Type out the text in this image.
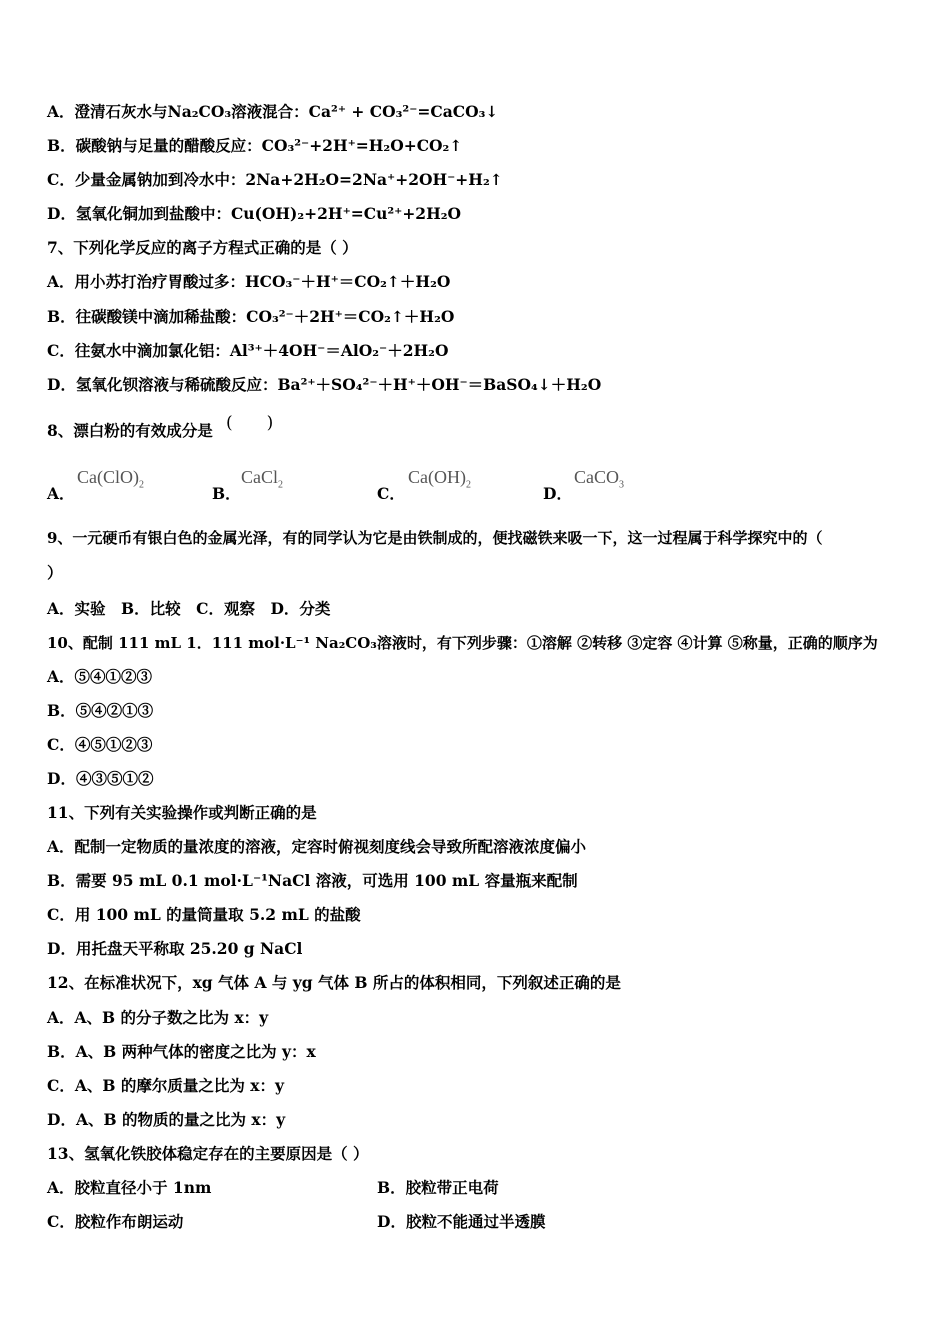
A．澄清石灰水与Na₂CO₃溶液混合：Ca²⁺ + CO₃²⁻=CaCO₃↓
B．碳酸钠与足量的醋酸反应：CO₃²⁻+2H⁺=H₂O+CO₂↑
C．少量金属钠加到冷水中：2Na+2H₂O=2Na⁺+2OH⁻+H₂↑
D．氢氧化铜加到盐酸中：Cu(OH)₂+2H⁺=Cu²⁺+2H₂O
7、下列化学反应的离子方程式正确的是（ ）
A．用小苏打治疗胃酸过多：HCO₃⁻＋H⁺＝CO₂↑＋H₂O
B．往碳酸镁中滴加稀盐酸：CO₃²⁻＋2H⁺＝CO₂↑＋H₂O
C．往氨水中滴加氯化铝：Al³⁺＋4OH⁻＝AlO₂⁻＋2H₂O
D．氢氧化钡溶液与稀硫酸反应：Ba²⁺＋SO₄²⁻＋H⁺＋OH⁻＝BaSO₄↓＋H₂O
8、漂白粉的有效成分是 (　　)
A．
$Ca(ClO)_2$	B．
CaCl$_2$	C．
$Ca(OH)_2$	D．
CaCO$_3$
9、一元硬币有银白色的金属光泽，有的同学认为它是由铁制成的，便找磁铁来吸一下，这一过程属于科学探究中的（
）
A．实验　B．比较　C．观察　D．分类
10、配制 111 mL 1．111 mol·L⁻¹ Na₂CO₃溶液时，有下列步骤：①溶解 ②转移 ③定容 ④计算 ⑤称量，正确的顺序为
A．⑤④①②③
B．⑤④②①③
C．④⑤①②③
D．④③⑤①②
11、下列有关实验操作或判断正确的是
A．配制一定物质的量浓度的溶液，定容时俯视刻度线会导致所配溶液浓度偏小
B．需要 95 mL 0.1 mol·L⁻¹NaCl 溶液，可选用 100 mL 容量瓶来配制
C．用 100 mL 的量筒量取 5.2 mL 的盐酸
D．用托盘天平称取 25.20 g NaCl
12、在标准状况下，xg 气体 A 与 yg 气体 B 所占的体积相同，下列叙述正确的是
A．A、B 的分子数之比为 x：y
B．A、B 两种气体的密度之比为 y：x
C．A、B 的摩尔质量之比为 x：y
D．A、B 的物质的量之比为 x：y
13、氢氧化铁胶体稳定存在的主要原因是（ ）
A．胶粒直径小于 1nm	B．胶粒带正电荷
C．胶粒作布朗运动	D．胶粒不能通过半透膜
